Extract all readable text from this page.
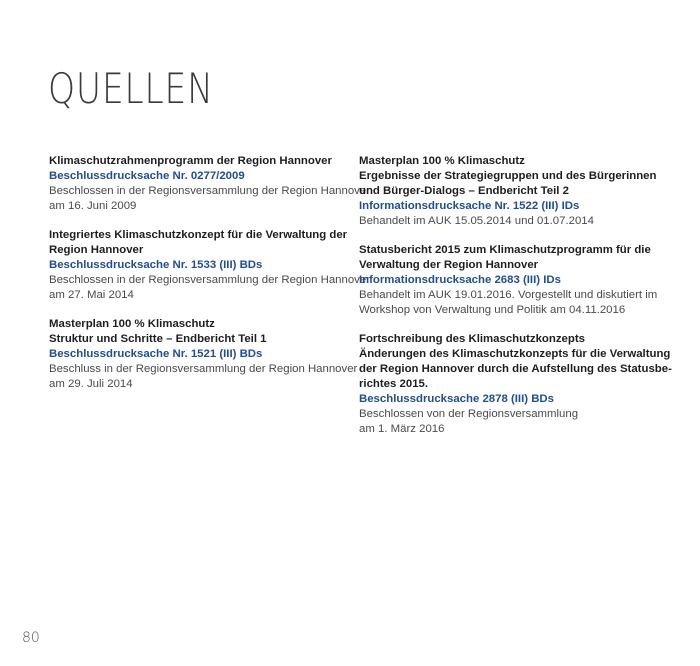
QUELLEN
Klimaschutzrahmenprogramm der Region Hannover
Beschlussdrucksache Nr. 0277/2009
Beschlossen in der Regionsversammlung der Region Hannover
am 16. Juni 2009
Integriertes Klimaschutzkonzept für die Verwaltung der
Region Hannover
Beschlussdrucksache Nr. 1533 (III) BDs
Beschlossen in der Regionsversammlung der Region Hannover
am 27. Mai 2014
Masterplan 100 % Klimaschutz
Struktur und Schritte – Endbericht Teil 1
Beschlussdrucksache Nr. 1521 (III) BDs
Beschluss in der Regionsversammlung der Region Hannover
am 29. Juli 2014
Masterplan 100 % Klimaschutz
Ergebnisse der Strategiegruppen und des Bürgerinnen
und Bürger-Dialogs – Endbericht Teil 2
Informationsdrucksache Nr. 1522 (III) IDs
Behandelt im AUK 15.05.2014 und 01.07.2014
Statusbericht 2015 zum Klimaschutzprogramm für die
Verwaltung der Region Hannover
Informationsdrucksache 2683 (III) IDs
Behandelt im AUK 19.01.2016. Vorgestellt und diskutiert im
Workshop von Verwaltung und Politik am 04.11.2016
Fortschreibung des Klimaschutzkonzepts
Änderungen des Klimaschutzkonzepts für die Verwaltung
der Region Hannover durch die Aufstellung des Statusbe-
richtes 2015.
Beschlussdrucksache 2878 (III) BDs
Beschlossen von der Regionsversammlung
am 1. März 2016
80
